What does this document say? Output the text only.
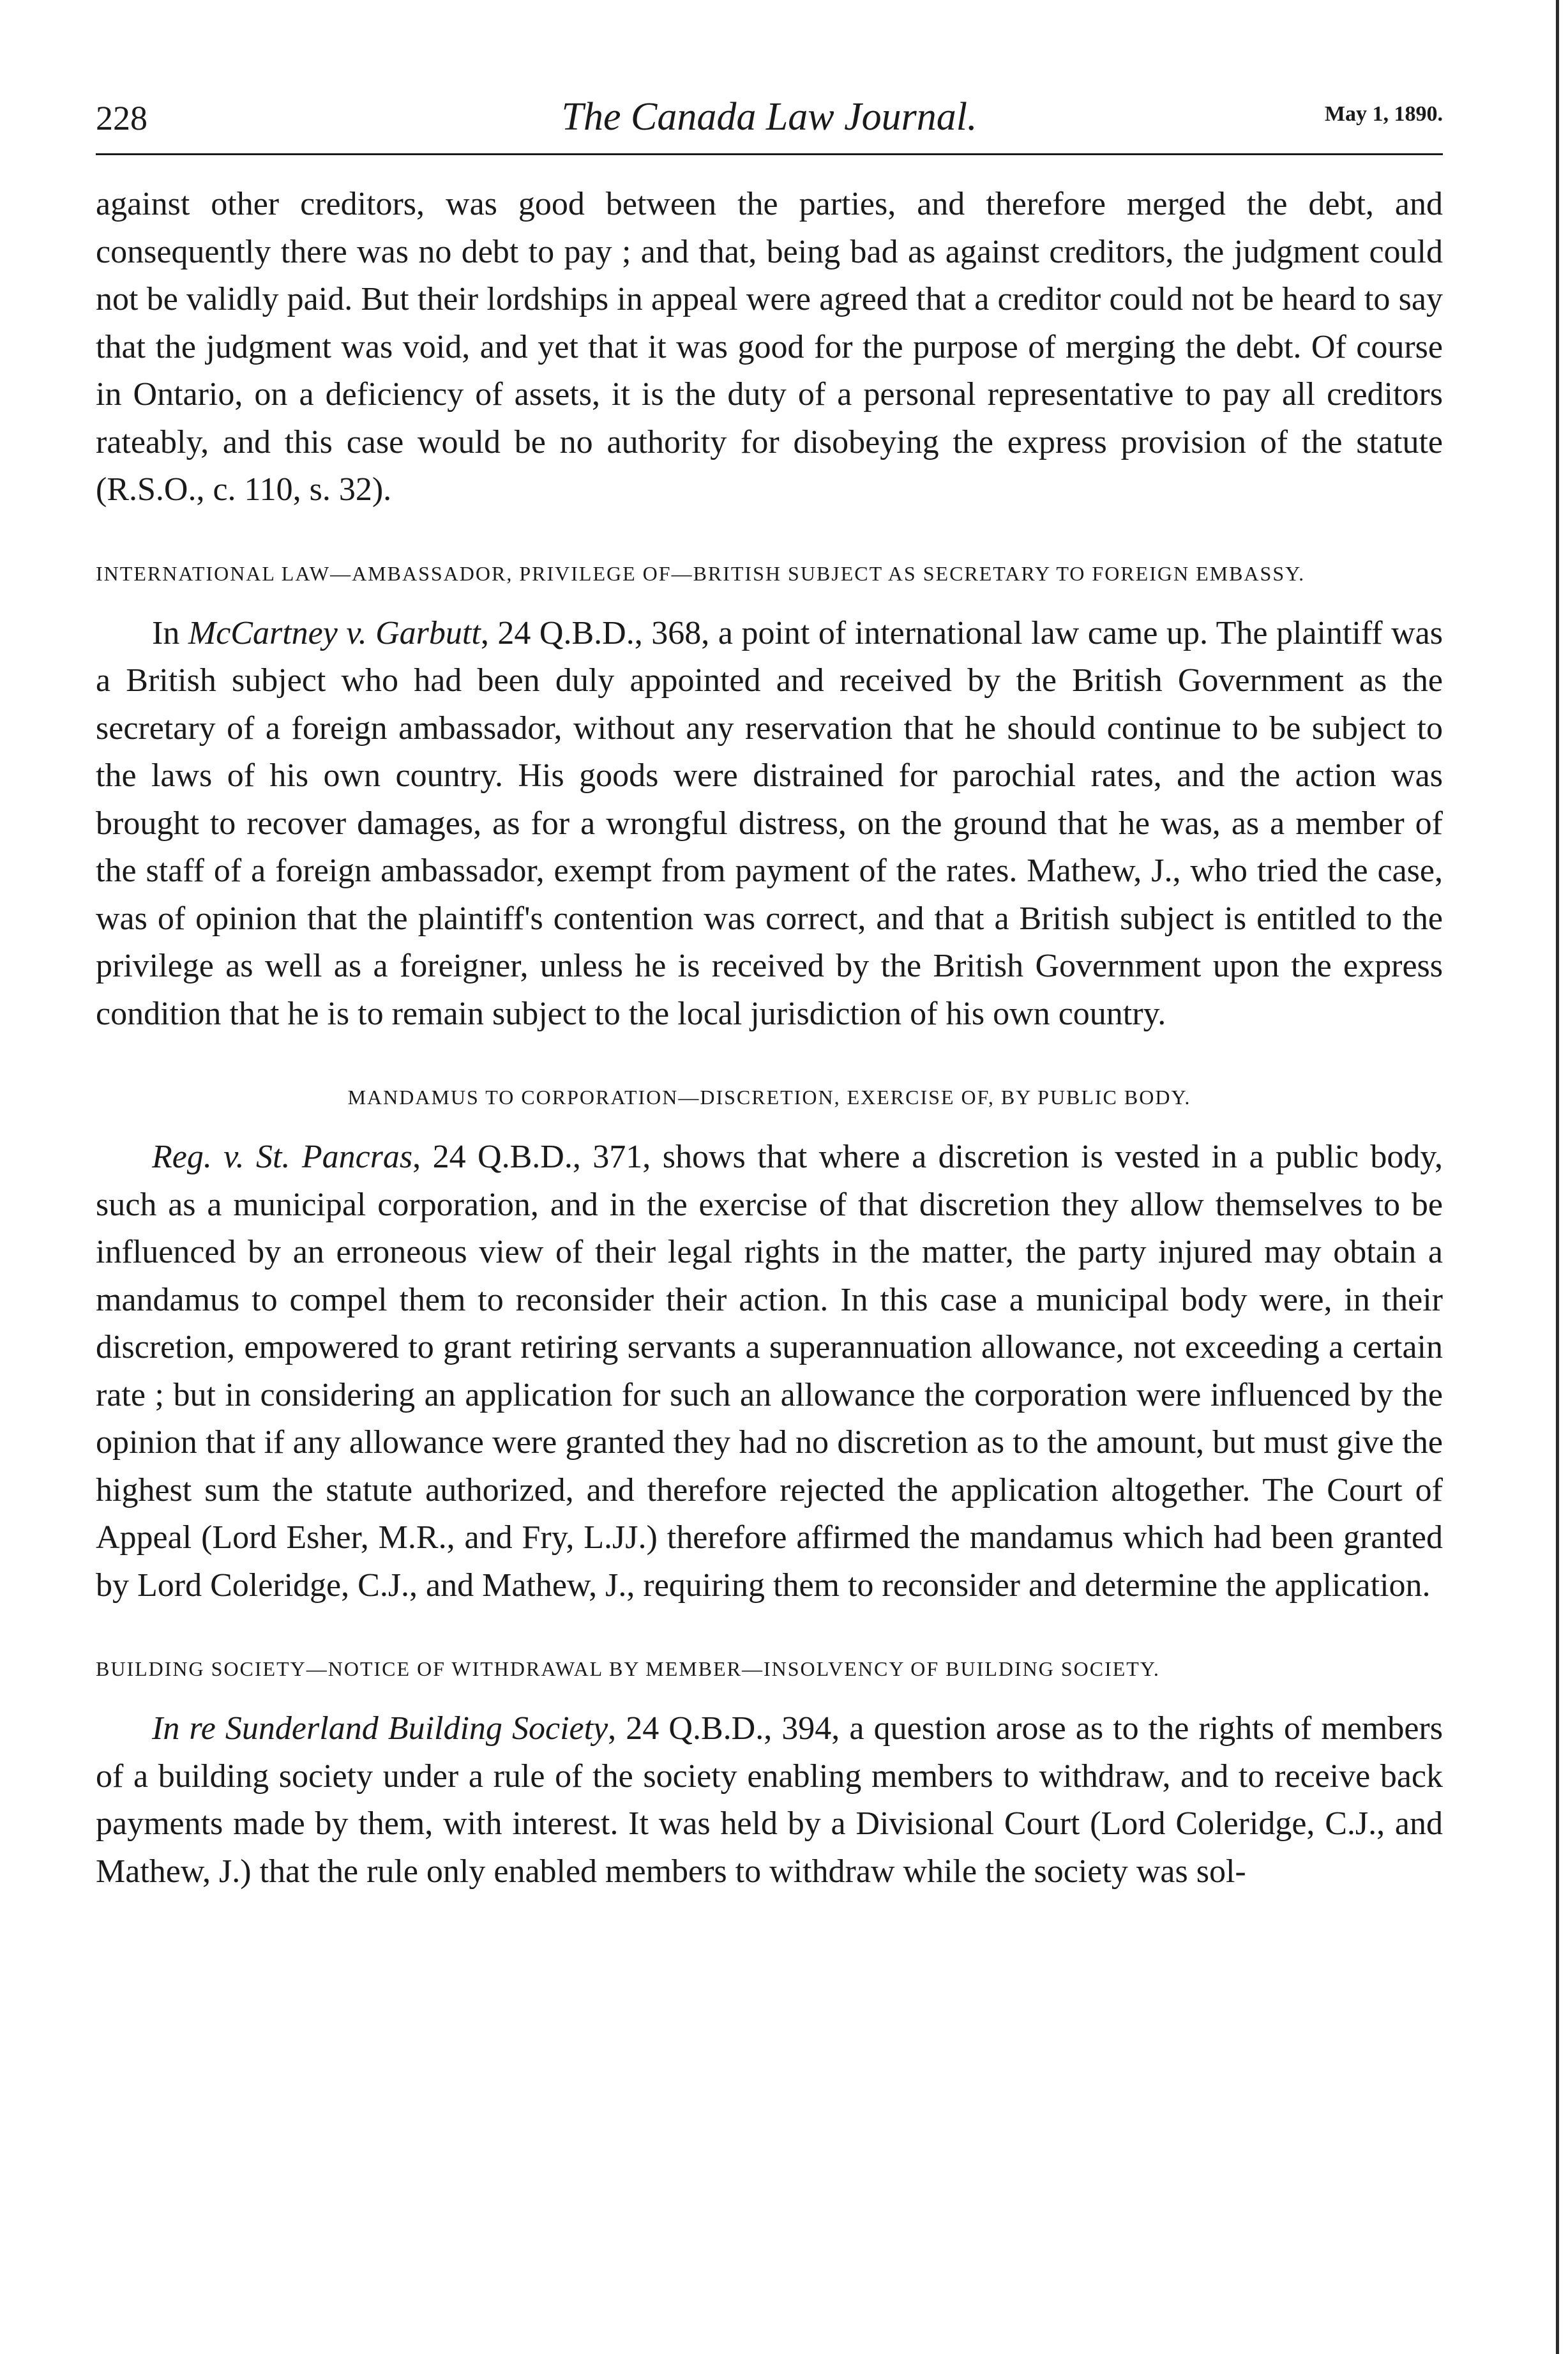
228	The Canada Law Journal.	May 1, 1890.

against other creditors, was good between the parties, and therefore merged the debt, and consequently there was no debt to pay ; and that, being bad as against creditors, the judgment could not be validly paid. But their lordships in appeal were agreed that a creditor could not be heard to say that the judgment was void, and yet that it was good for the purpose of merging the debt. Of course in Ontario, on a deficiency of assets, it is the duty of a personal representative to pay all creditors rateably, and this case would be no authority for disobeying the express provision of the statute (R.S.O., c. 110, s. 32).

INTERNATIONAL LAW—AMBASSADOR, PRIVILEGE OF—BRITISH SUBJECT AS SECRETARY TO FOREIGN EMBASSY.

In McCartney v. Garbutt, 24 Q.B.D., 368, a point of international law came up. The plaintiff was a British subject who had been duly appointed and received by the British Government as the secretary of a foreign ambassador, without any reservation that he should continue to be subject to the laws of his own country. His goods were distrained for parochial rates, and the action was brought to recover damages, as for a wrongful distress, on the ground that he was, as a member of the staff of a foreign ambassador, exempt from payment of the rates. Mathew, J., who tried the case, was of opinion that the plaintiff's contention was correct, and that a British subject is entitled to the privilege as well as a foreigner, unless he is received by the British Government upon the express condition that he is to remain subject to the local jurisdiction of his own country.

MANDAMUS TO CORPORATION—DISCRETION, EXERCISE OF, BY PUBLIC BODY.

Reg. v. St. Pancras, 24 Q.B.D., 371, shows that where a discretion is vested in a public body, such as a municipal corporation, and in the exercise of that discretion they allow themselves to be influenced by an erroneous view of their legal rights in the matter, the party injured may obtain a mandamus to compel them to reconsider their action. In this case a municipal body were, in their discretion, empowered to grant retiring servants a superannuation allowance, not exceeding a certain rate ; but in considering an application for such an allowance the corporation were influenced by the opinion that if any allowance were granted they had no discretion as to the amount, but must give the highest sum the statute authorized, and therefore rejected the application altogether. The Court of Appeal (Lord Esher, M.R., and Fry, L.JJ.) therefore affirmed the mandamus which had been granted by Lord Coleridge, C.J., and Mathew, J., requiring them to reconsider and determine the application.

BUILDING SOCIETY—NOTICE OF WITHDRAWAL BY MEMBER—INSOLVENCY OF BUILDING SOCIETY.

In re Sunderland Building Society, 24 Q.B.D., 394, a question arose as to the rights of members of a building society under a rule of the society enabling members to withdraw, and to receive back payments made by them, with interest. It was held by a Divisional Court (Lord Coleridge, C.J., and Mathew, J.) that the rule only enabled members to withdraw while the society was sol-
